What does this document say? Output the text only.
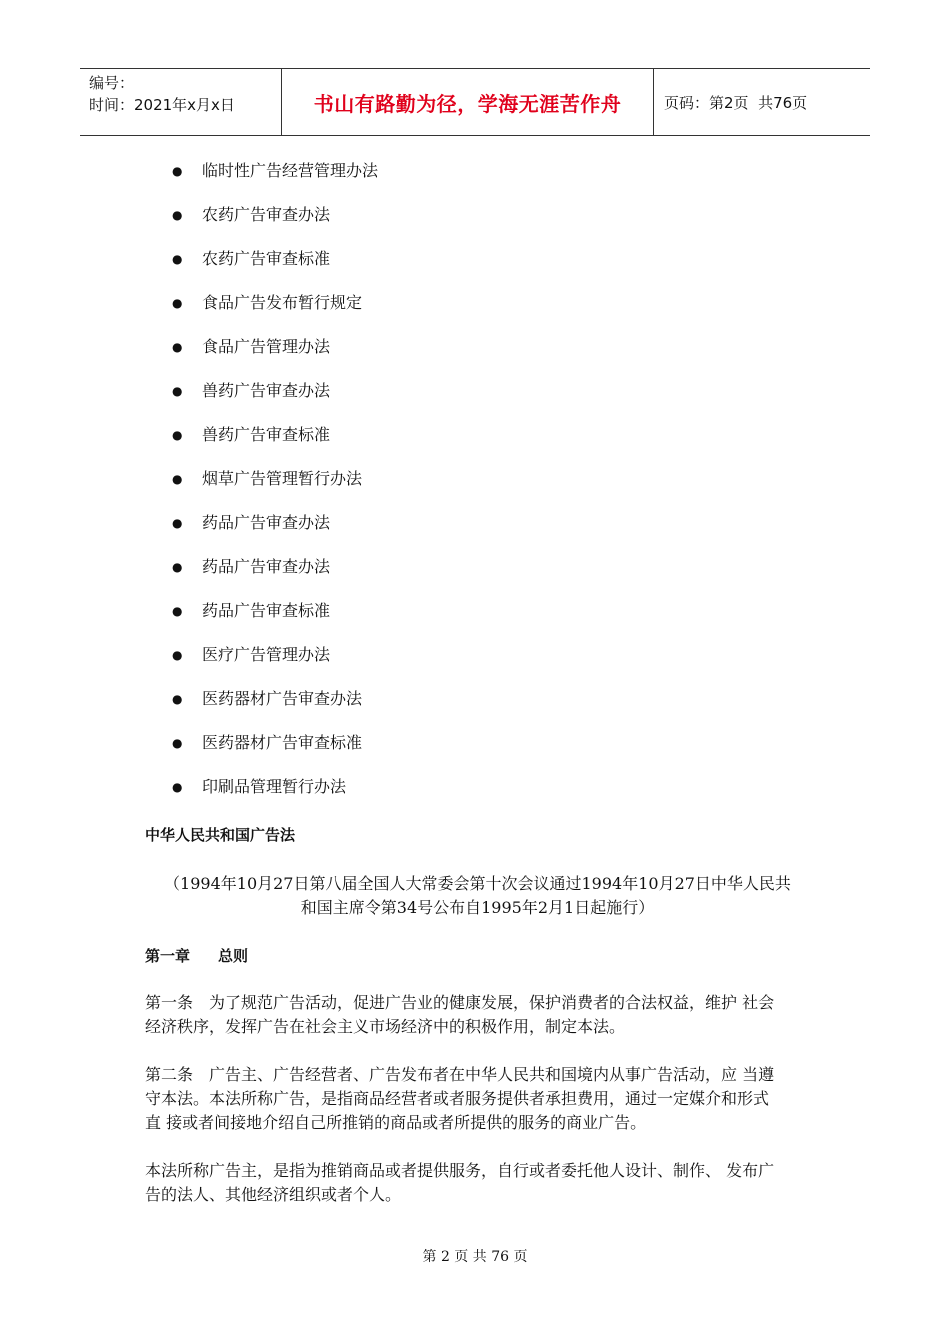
编号：
时间：2021年x月x日	书山有路勤为径，学海无涯苦作舟	页码：第2页  共76页
●	临时性广告经营管理办法
●	农药广告审查办法
●	农药广告审查标准
●	食品广告发布暂行规定
●	食品广告管理办法
●	兽药广告审查办法
●	兽药广告审查标准
●	烟草广告管理暂行办法
●	药品广告审查办法
●	药品广告审查办法
●	药品广告审查标准
●	医疗广告管理办法
●	医药器材广告审查办法
●	医药器材广告审查标准
●	印刷品管理暂行办法
中华人民共和国广告法
（1994年10月27日第八届全国人大常委会第十次会议通过1994年10月27日中华人民共
和国主席令第34号公布自1995年2月1日起施行）
第一章 总则
第一条　为了规范广告活动，促进广告业的健康发展，保护消费者的合法权益，维护 社会
经济秩序，发挥广告在社会主义市场经济中的积极作用，制定本法。
第二条　广告主、广告经营者、广告发布者在中华人民共和国境内从事广告活动，应 当遵
守本法。本法所称广告，是指商品经营者或者服务提供者承担费用，通过一定媒介和形式
直 接或者间接地介绍自己所推销的商品或者所提供的服务的商业广告。
本法所称广告主，是指为推销商品或者提供服务，自行或者委托他人设计、制作、 发布广
告的法人、其他经济组织或者个人。
第 2 页 共 76 页
